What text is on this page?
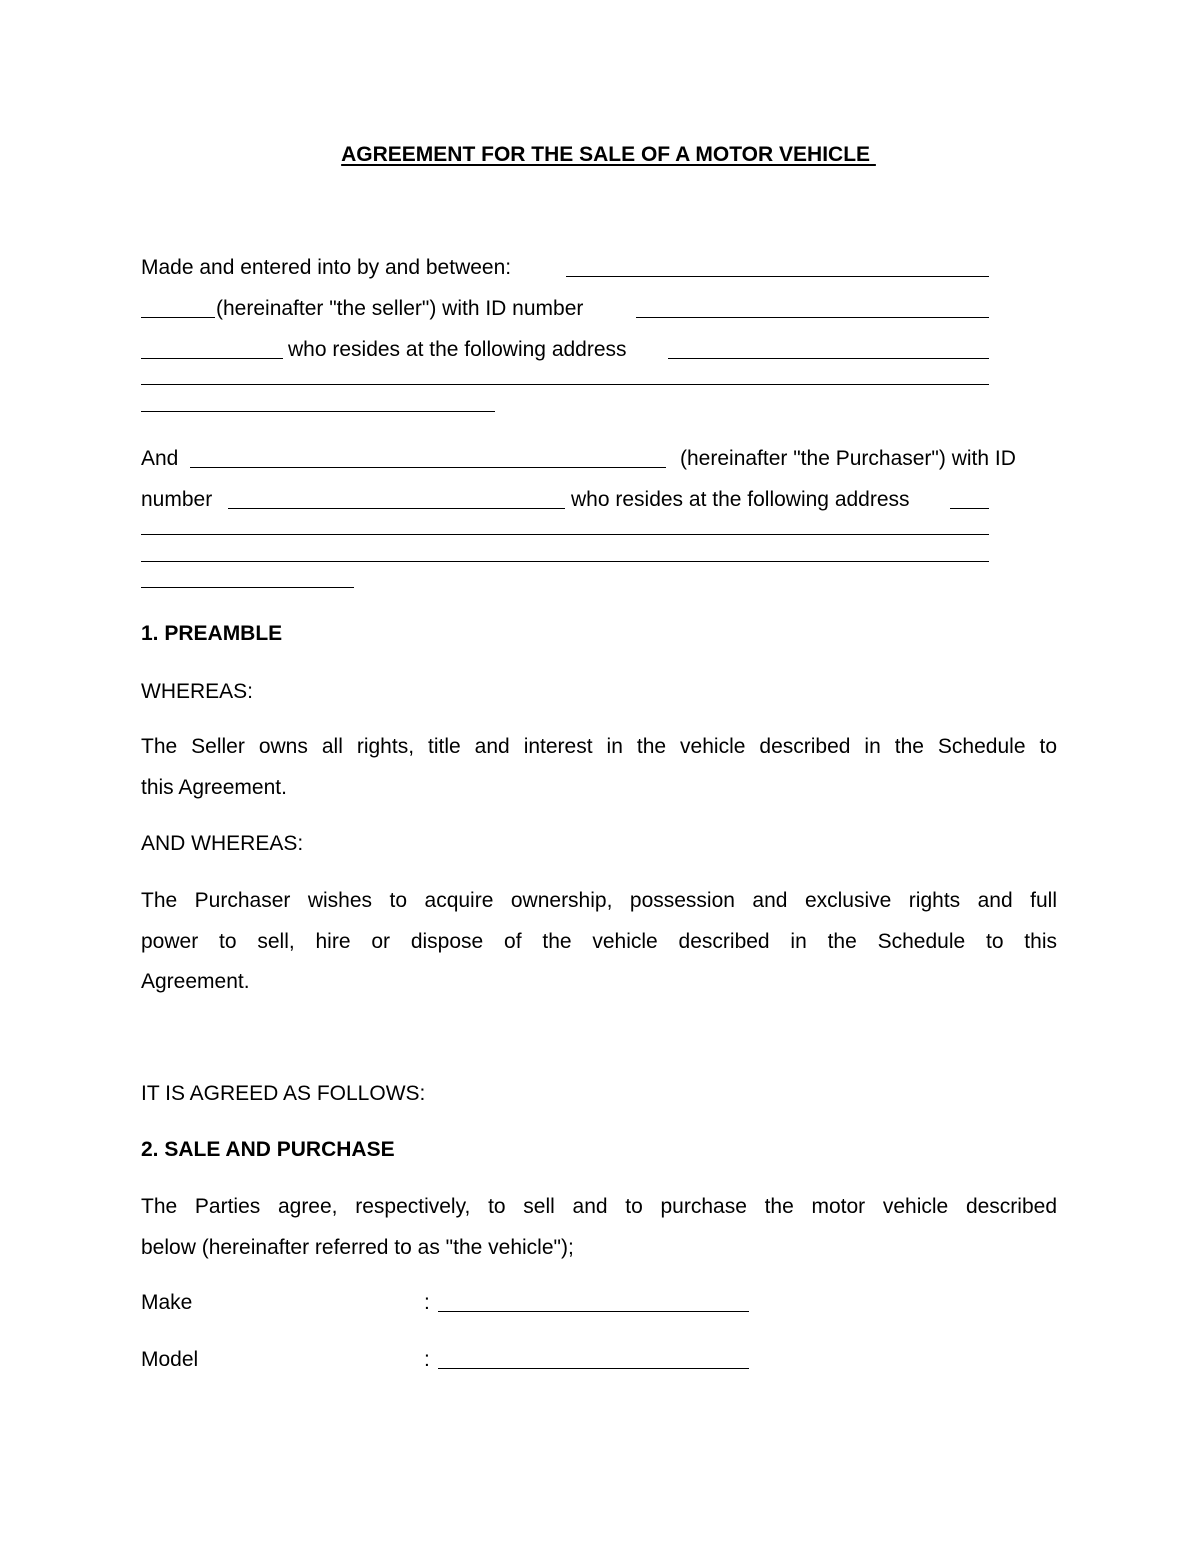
AGREEMENT FOR THE SALE OF A MOTOR VEHICLE
Made and entered into by and between:
(hereinafter "the seller") with ID number
who resides at the following address
And	(hereinafter "the Purchaser") with ID
number	who resides at the following address
1. PREAMBLE
WHEREAS:
The Seller owns all rights, title and interest in the vehicle described in the Schedule to
this Agreement.
AND WHEREAS:
The Purchaser wishes to acquire ownership, possession and exclusive rights and full
power to sell, hire or dispose of the vehicle described in the Schedule to this
Agreement.
IT IS AGREED AS FOLLOWS:
2. SALE AND PURCHASE
The Parties agree, respectively, to sell and to purchase the motor vehicle described
below (hereinafter referred to as "the vehicle");
Make	:
Model	:
